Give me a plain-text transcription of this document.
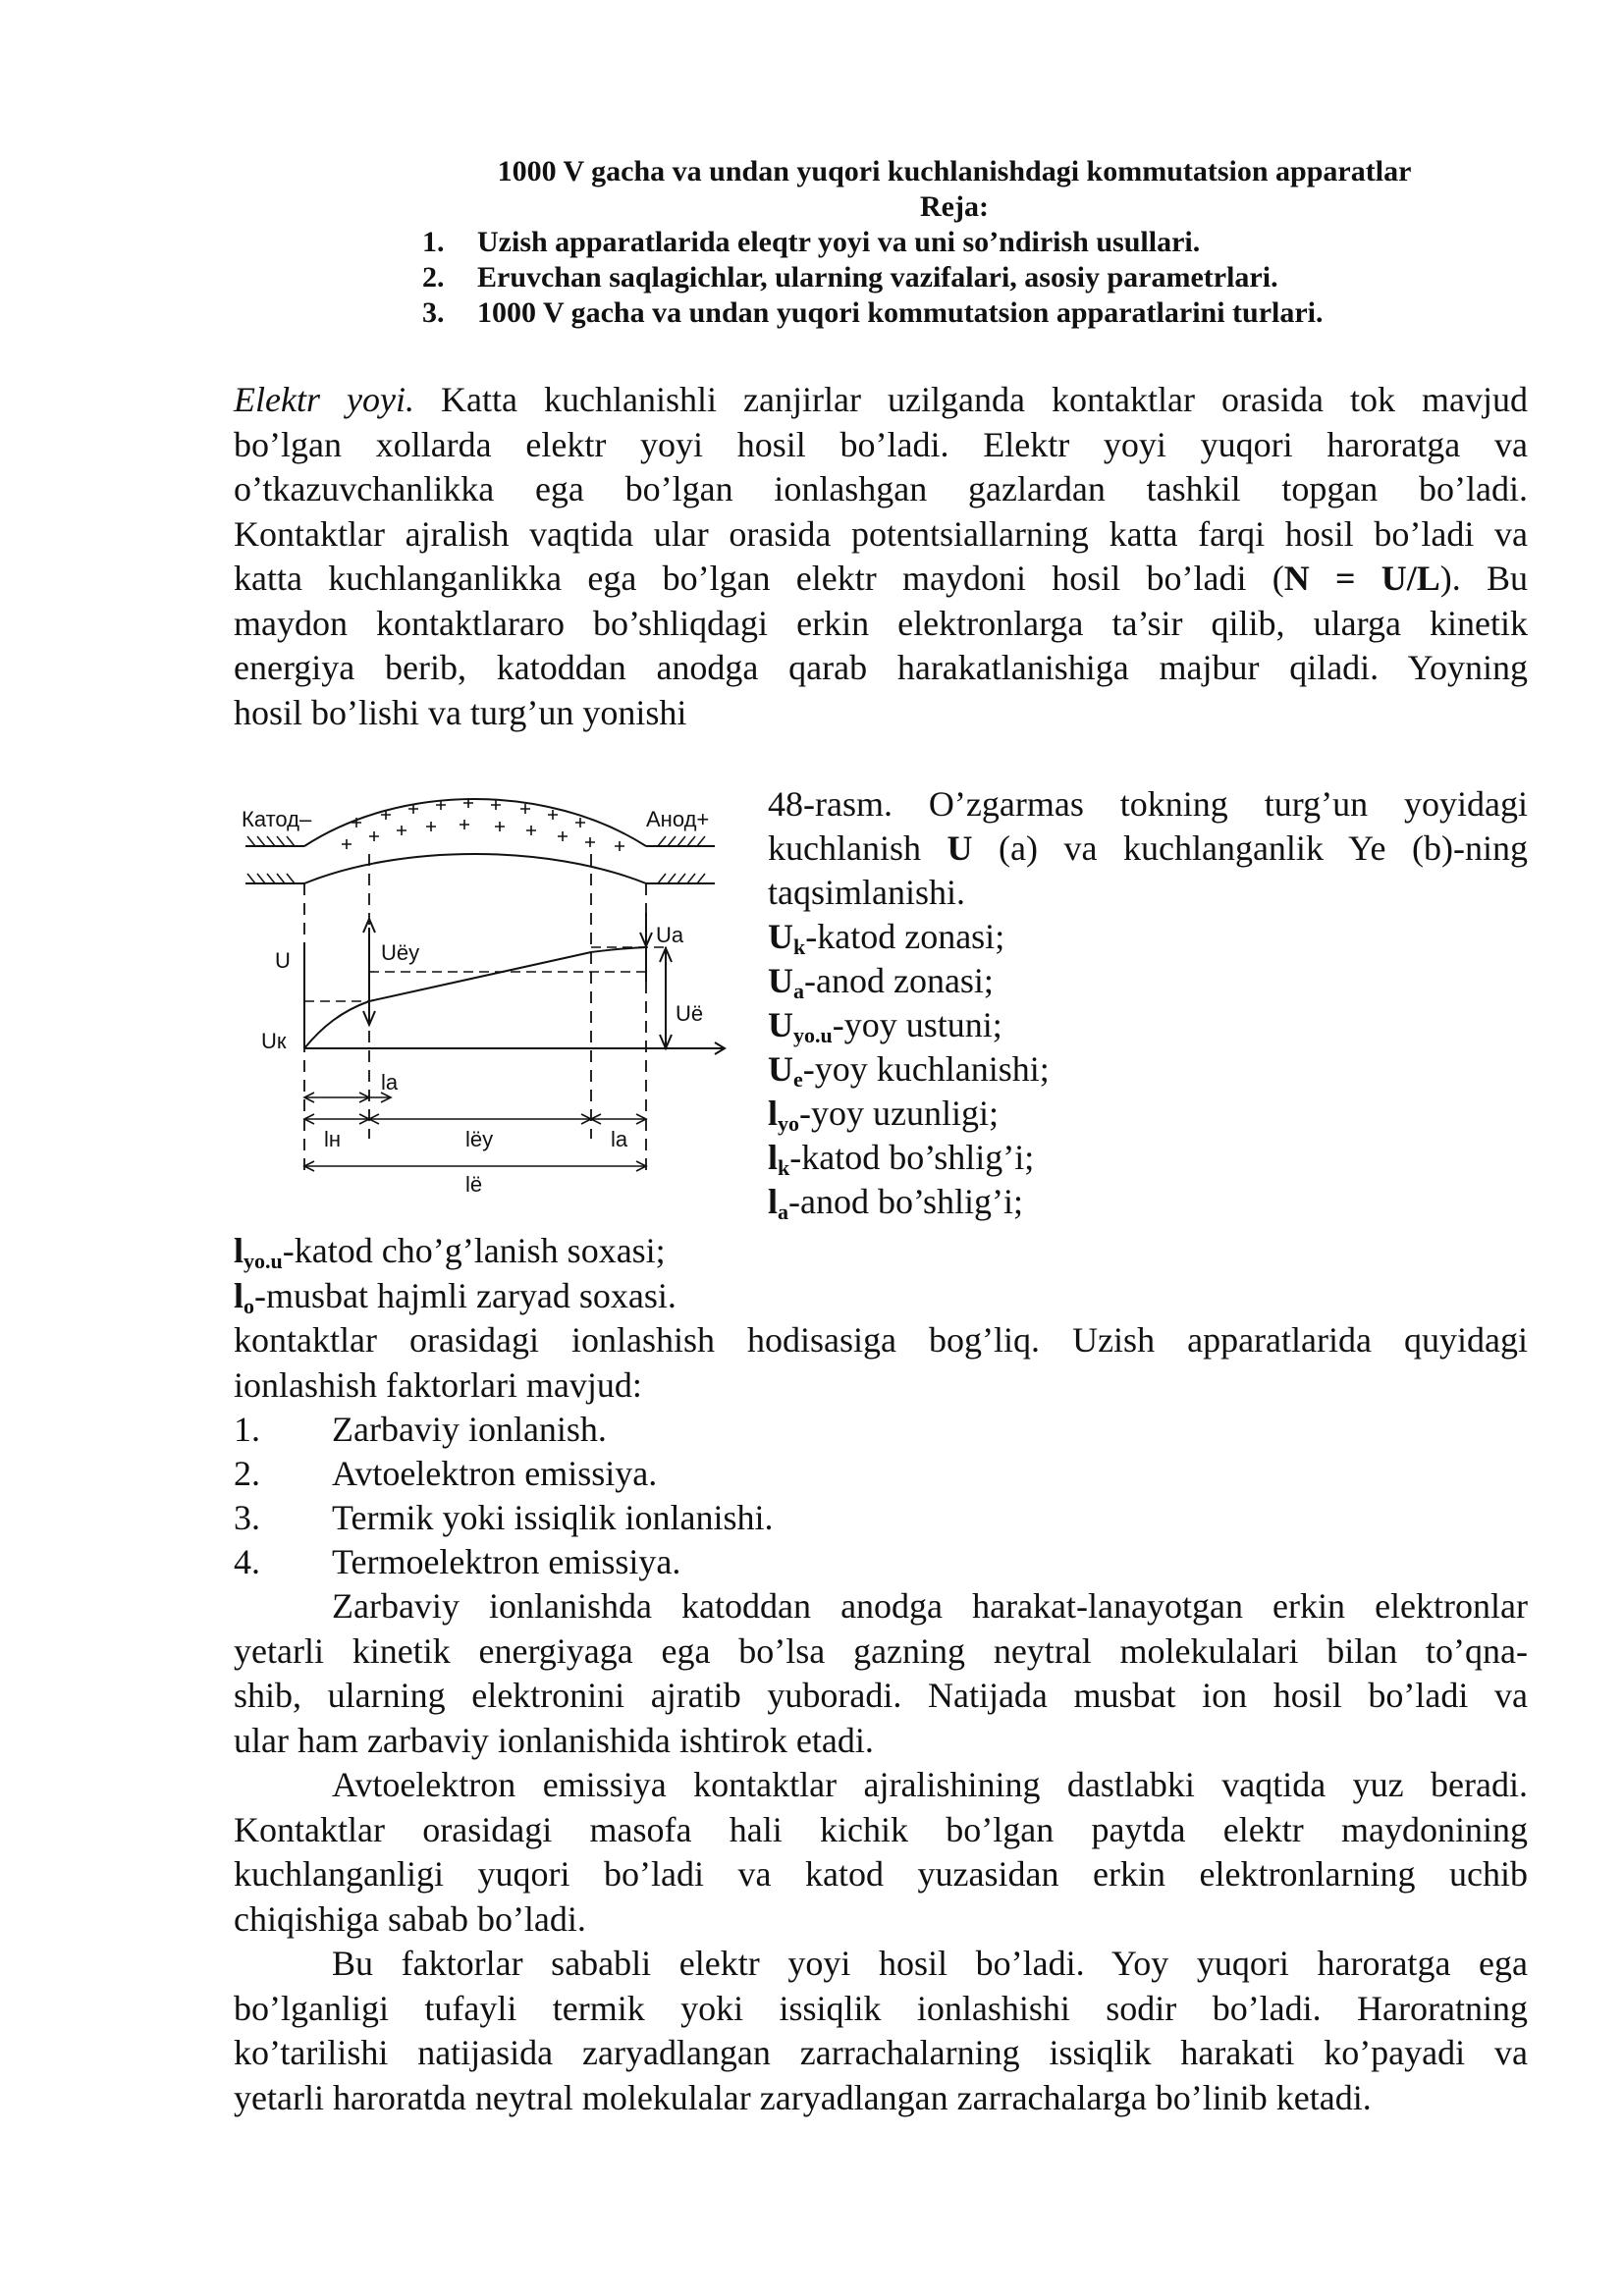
1000 V gacha va undan yuqori kuchlanishdagi kommutatsion apparatlar
Reja:
1. Uzish apparatlarida eleqtr yoyi va uni so’ndirish usullari.
2. Eruvchan saqlagichlar, ularning vazifalari, asosiy parametrlari.
3. 1000 V gacha va undan yuqori kommutatsion apparatlarini turlari.
Elektr yoyi. Katta kuchlanishli zanjirlar uzilganda kontaktlar orasida tok mavjud
bo’lgan xollarda elektr yoyi hosil bo’ladi. Elektr yoyi yuqori haroratga va
o’tkazuvchanlikka ega bo’lgan ionlashgan gazlardan tashkil topgan bo’ladi.
Kontaktlar ajralish vaqtida ular orasida potentsiallarning katta farqi hosil bo’ladi va
katta kuchlanganlikka ega bo’lgan elektr maydoni hosil bo’ladi (N = U/L). Bu
maydon kontaktlararo bo’shliqdagi erkin elektronlarga ta’sir qilib, ularga kinetik
energiya berib, katoddan anodga qarab harakatlanishiga majbur qiladi. Yoyning
hosil bo’lishi va turg’un yonishi
Катод–	Анод+
U
Uк
Uёy
Ua
Uё
la
lн	lёy	la
lё
48-rasm. O’zgarmas tokning turg’un yoyidagi
kuchlanish U (a) va kuchlanganlik Ye (b)-ning
taqsimlanishi.
$U_k$-katod zonasi;
$U_a$-anod zonasi;
$U_{yo.u}$-yoy ustuni;
$U_e$-yoy kuchlanishi;
$l_{yo}$-yoy uzunligi;
$l_k$-katod bo’shlig’i;
$l_a$-anod bo’shlig’i;
$l_{yo.u}$-katod cho’g’lanish soxasi;
$l_o$-musbat hajmli zaryad soxasi.
kontaktlar orasidagi ionlashish hodisasiga bog’liq. Uzish apparatlarida quyidagi
ionlashish faktorlari mavjud:
1. Zarbaviy ionlanish.
2. Avtoelektron emissiya.
3. Termik yoki issiqlik ionlanishi.
4. Termoelektron emissiya.
Zarbaviy ionlanishda katoddan anodga harakat-lanayotgan erkin elektronlar
yetarli kinetik energiyaga ega bo’lsa gazning neytral molekulalari bilan to’qna-
shib, ularning elektronini ajratib yuboradi. Natijada musbat ion hosil bo’ladi va
ular ham zarbaviy ionlanishida ishtirok etadi.
Avtoelektron emissiya kontaktlar ajralishining dastlabki vaqtida yuz beradi.
Kontaktlar orasidagi masofa hali kichik bo’lgan paytda elektr maydonining
kuchlanganligi yuqori bo’ladi va katod yuzasidan erkin elektronlarning uchib
chiqishiga sabab bo’ladi.
Bu faktorlar sababli elektr yoyi hosil bo’ladi. Yoy yuqori haroratga ega
bo’lganligi tufayli termik yoki issiqlik ionlashishi sodir bo’ladi. Haroratning
ko’tarilishi natijasida zaryadlangan zarrachalarning issiqlik harakati ko’payadi va
yetarli haroratda neytral molekulalar zaryadlangan zarrachalarga bo’linib ketadi.
